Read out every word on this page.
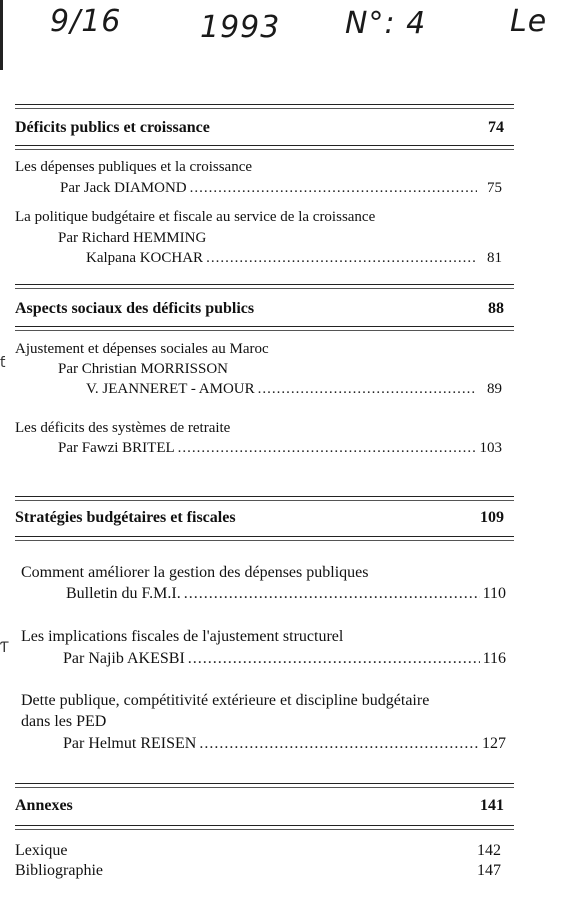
9/16	1993 N°: 4	Le
Déficits publics et croissance	74
Les dépenses publiques et la croissance
Par Jack DIAMOND .....	75
La politique budgétaire et fiscale au service de la croissance
Par Richard HEMMING
Kalpana KOCHAR .....	81
Aspects sociaux des déficits publics	88
ƭ
Ajustement et dépenses sociales au Maroc
Par Christian MORRISSON
V. JEANNERET - AMOUR .....	89
Les déficits des systèmes de retraite
Par Fawzi BRITEL .....	103
Stratégies budgétaires et fiscales	109
Comment améliorer la gestion des dépenses publiques
Bulletin du F.M.I. .....	110
Ƭ
Les implications fiscales de l'ajustement structurel
Par Najib AKESBI .....	116
Dette publique, compétitivité extérieure et discipline budgétaire
dans les PED
Par Helmut REISEN .....	127
Annexes	141
Lexique	142
Bibliographie	147
